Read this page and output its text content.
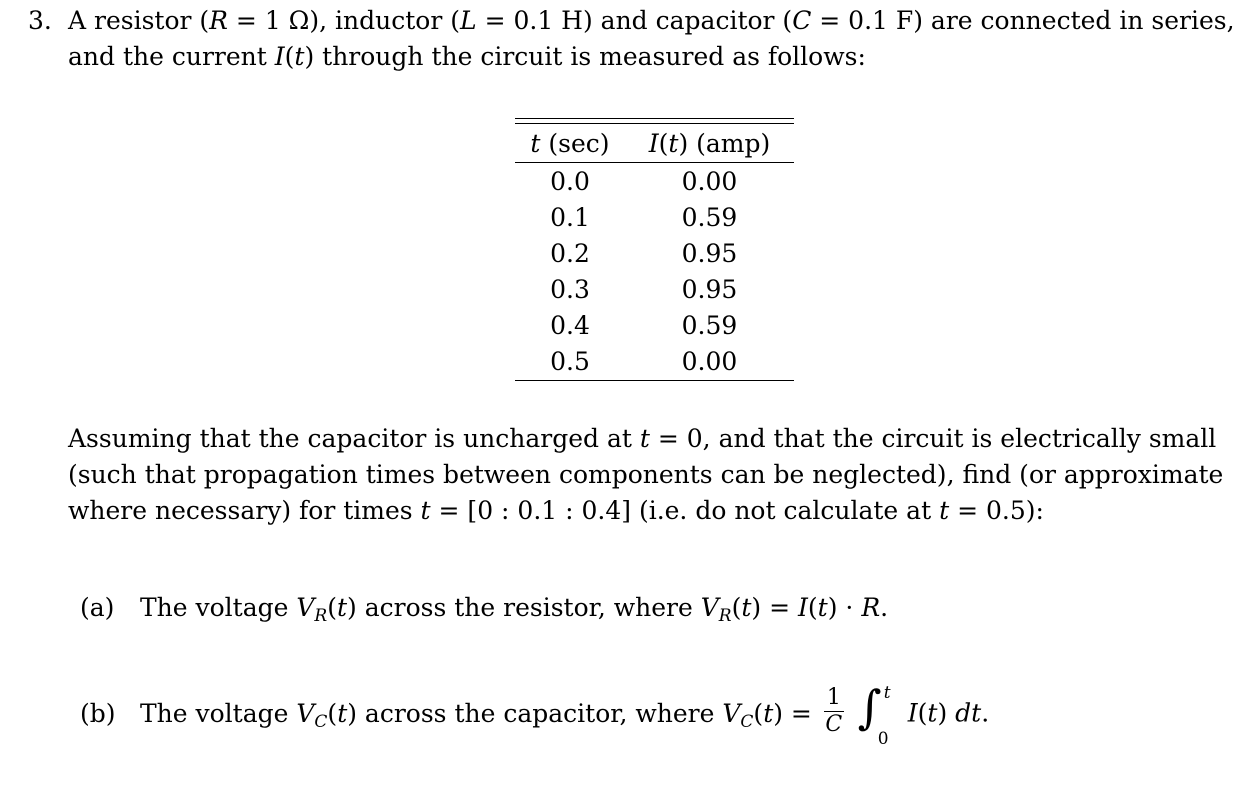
3. A resistor (R = 1 Ω), inductor (L = 0.1 H) and capacitor (C = 0.1 F) are connected in series,
and the current I(t) through the circuit is measured as follows:
t (sec)	I(t) (amp)
0.0	0.00
0.1	0.59
0.2	0.95
0.3	0.95
0.4	0.59
0.5	0.00
Assuming that the capacitor is uncharged at t = 0, and that the circuit is electrically small
(such that propagation times between components can be neglected), find (or approximate
where necessary) for times t = [0 : 0.1 : 0.4] (i.e. do not calculate at t = 0.5):
(a) The voltage $V_R(t)$ across the resistor, where $V_R(t) = I(t) \cdot R$.
(b) The voltage $V_C(t)$ across the capacitor, where $V_C(t) = \frac{1}{C}$
∫ t
0
I(t) dt.
